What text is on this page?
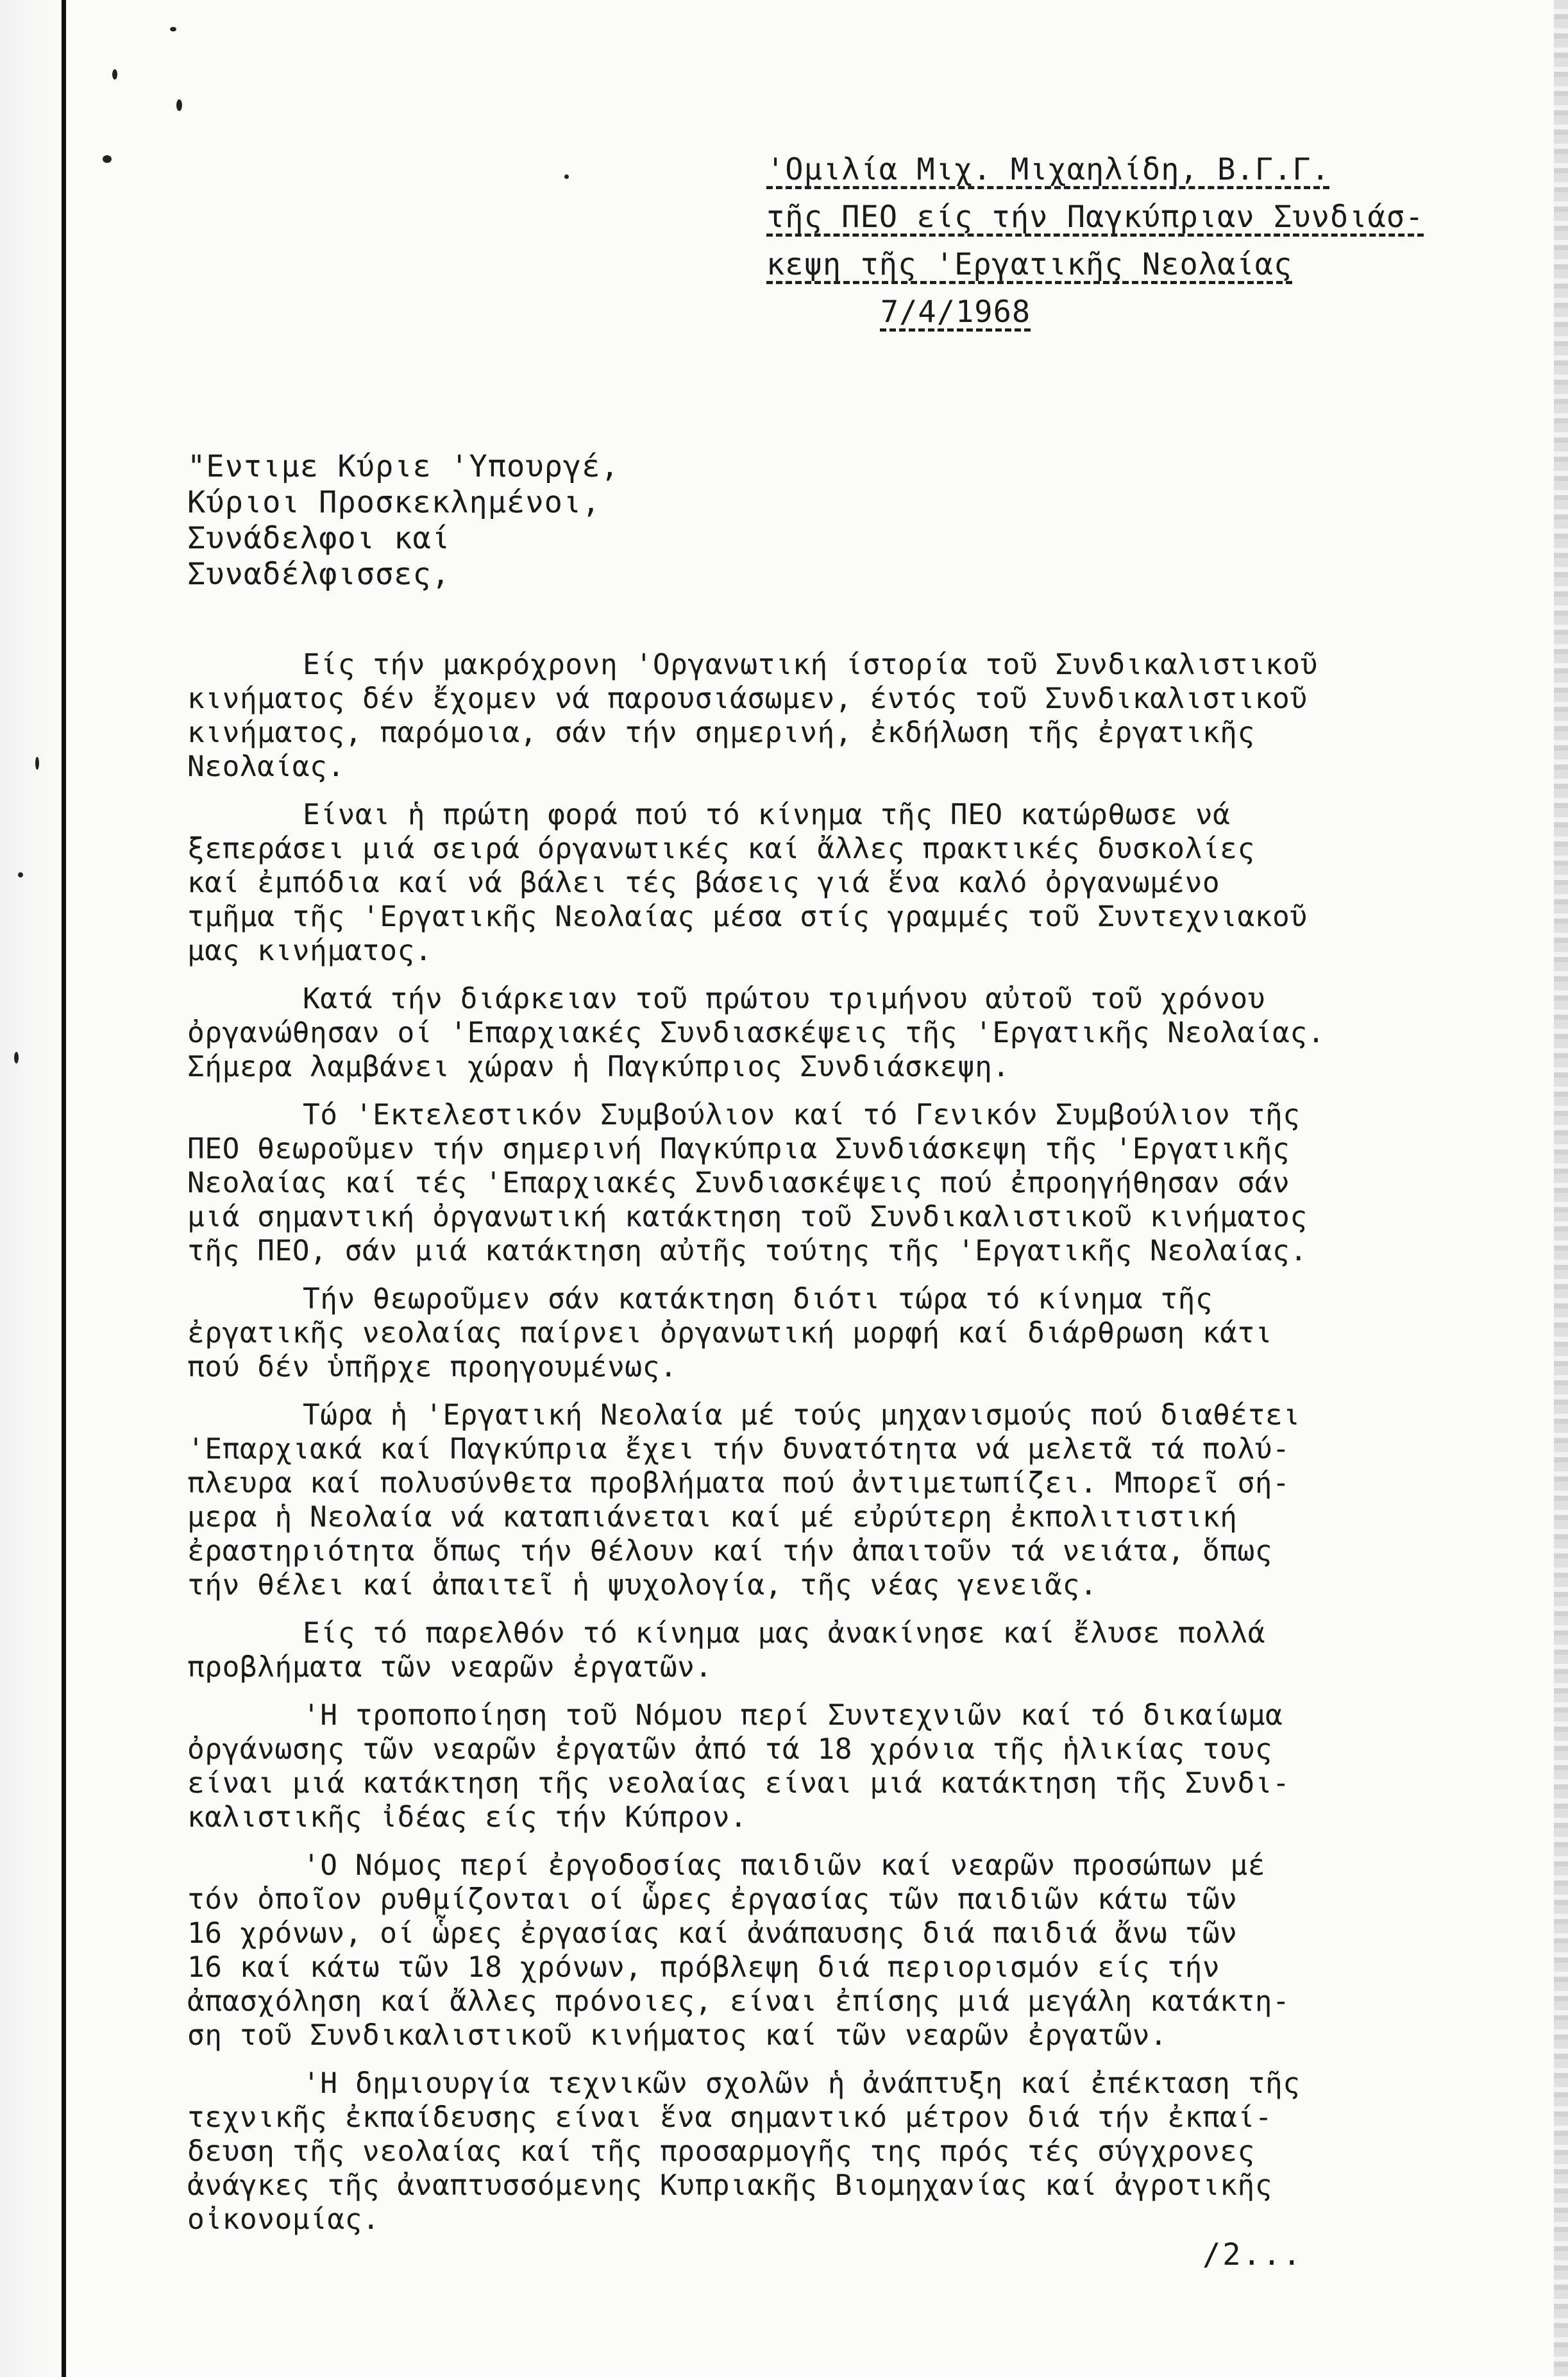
'Ομιλία Μιχ. Μιχαηλίδη, Β.Γ.Γ.
τῆς ΠΕΟ είς τήν Παγκύπριαν Συνδιάσ-
κεψη τῆς 'Εργατικῆς Νεολαίας
7/4/1968
"Εντιμε Κύριε 'Υπουργέ,
Κύριοι Προσκεκλημένοι,
Συνάδελφοι καί
Συναδέλφισσες,
Είς τήν μακρόχρονη 'Οργανωτική ίστορία τοῦ Συνδικαλιστικοῦ
κινήματος δέν ἔχομεν νά παρουσιάσωμεν, έντός τοῦ Συνδικαλιστικοῦ
κινήματος, παρόμοια, σάν τήν σημερινή, ἐκδήλωση τῆς ἐργατικῆς
Νεολαίας.
Είναι ἡ πρώτη φορά πού τό κίνημα τῆς ΠΕΟ κατώρθωσε νά
ξεπεράσει μιά σειρά όργανωτικές καί ἄλλες πρακτικές δυσκολίες
καί ἐμπόδια καί νά βάλει τές βάσεις γιά ἕνα καλό ὀργανωμένο
τμῆμα τῆς 'Εργατικῆς Νεολαίας μέσα στίς γραμμές τοῦ Συντεχνιακοῦ
μας κινήματος.
Κατά τήν διάρκειαν τοῦ πρώτου τριμήνου αὐτοῦ τοῦ χρόνου
ὀργανώθησαν οί 'Επαρχιακές Συνδιασκέψεις τῆς 'Εργατικῆς Νεολαίας.
Σήμερα λαμβάνει χώραν ἡ Παγκύπριος Συνδιάσκεψη.
Τό 'Εκτελεστικόν Συμβούλιον καί τό Γενικόν Συμβούλιον τῆς
ΠΕΟ θεωροῦμεν τήν σημερινή Παγκύπρια Συνδιάσκεψη τῆς 'Εργατικῆς
Νεολαίας καί τές 'Επαρχιακές Συνδιασκέψεις πού ἐπροηγήθησαν σάν
μιά σημαντική ὀργανωτική κατάκτηση τοῦ Συνδικαλιστικοῦ κινήματος
τῆς ΠΕΟ, σάν μιά κατάκτηση αὐτῆς τούτης τῆς 'Εργατικῆς Νεολαίας.
Τήν θεωροῦμεν σάν κατάκτηση διότι τώρα τό κίνημα τῆς
ἐργατικῆς νεολαίας παίρνει ὀργανωτική μορφή καί διάρθρωση κάτι
πού δέν ὑπῆρχε προηγουμένως.
Τώρα ἡ 'Εργατική Νεολαία μέ τούς μηχανισμούς πού διαθέτει
'Επαρχιακά καί Παγκύπρια ἔχει τήν δυνατότητα νά μελετᾶ τά πολύ-
πλευρα καί πολυσύνθετα προβλήματα πού ἀντιμετωπίζει. Μπορεῖ σή-
μερα ἡ Νεολαία νά καταπιάνεται καί μέ εὐρύτερη ἐκπολιτιστική
ἐραστηριότητα ὅπως τήν θέλουν καί τήν ἀπαιτοῦν τά νειάτα, ὅπως
τήν θέλει καί ἀπαιτεῖ ἡ ψυχολογία, τῆς νέας γενειᾶς.
Είς τό παρελθόν τό κίνημα μας ἀνακίνησε καί ἔλυσε πολλά
προβλήματα τῶν νεαρῶν ἐργατῶν.
'Η τροποποίηση τοῦ Νόμου περί Συντεχνιῶν καί τό δικαίωμα
ὀργάνωσης τῶν νεαρῶν ἐργατῶν ἀπό τά 18 χρόνια τῆς ἡλικίας τους
είναι μιά κατάκτηση τῆς νεολαίας είναι μιά κατάκτηση τῆς Συνδι-
καλιστικῆς ἰδέας είς τήν Κύπρον.
'Ο Νόμος περί ἐργοδοσίας παιδιῶν καί νεαρῶν προσώπων μέ
τόν ὁποῖον ρυθμίζονται οί ὧρες ἐργασίας τῶν παιδιῶν κάτω τῶν
16 χρόνων, οί ὧρες ἐργασίας καί ἀνάπαυσης διά παιδιά ἄνω τῶν
16 καί κάτω τῶν 18 χρόνων, πρόβλεψη διά περιορισμόν είς τήν
ἀπασχόληση καί ἄλλες πρόνοιες, είναι ἐπίσης μιά μεγάλη κατάκτη-
ση τοῦ Συνδικαλιστικοῦ κινήματος καί τῶν νεαρῶν ἐργατῶν.
'Η δημιουργία τεχνικῶν σχολῶν ἡ ἀνάπτυξη καί ἐπέκταση τῆς
τεχνικῆς ἐκπαίδευσης είναι ἕνα σημαντικό μέτρον διά τήν ἐκπαί-
δευση τῆς νεολαίας καί τῆς προσαρμογῆς της πρός τές σύγχρονες
ἀνάγκες τῆς ἀναπτυσσόμενης Κυπριακῆς Βιομηχανίας καί ἀγροτικῆς
οἰκονομίας.
/2...
